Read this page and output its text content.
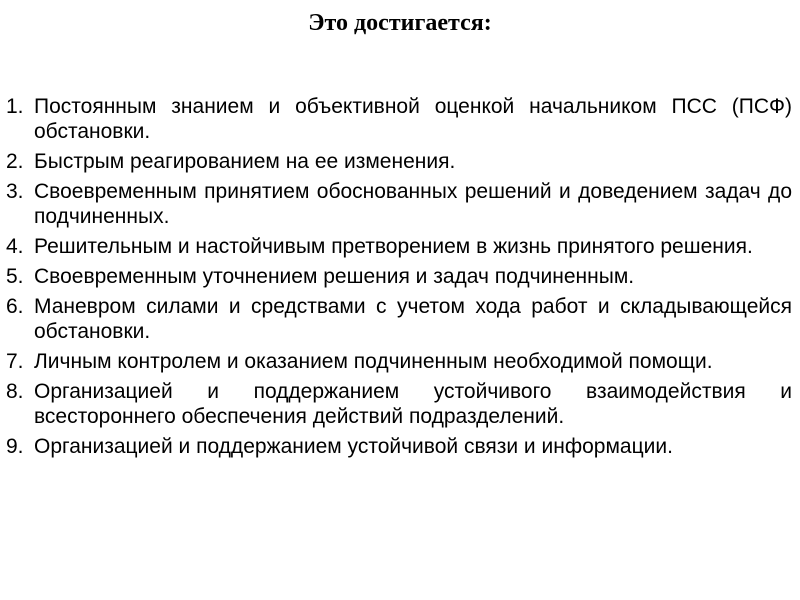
Это достигается:
1. Постоянным знанием и объективной оценкой начальником ПСС (ПСФ) обстановки.
2. Быстрым реагированием на ее изменения.
3. Своевременным принятием обоснованных решений и доведением задач до подчиненных.
4. Решительным и настойчивым претворением в жизнь принятого решения.
5. Своевременным уточнением решения и задач подчиненным.
6. Маневром силами и средствами с учетом хода работ и складывающейся обстановки.
7. Личным контролем и оказанием подчиненным необходимой помощи.
8. Организацией и поддержанием устойчивого взаимодействия и всестороннего обеспечения действий подразделений.
9. Организацией и поддержанием устойчивой связи и информации.
